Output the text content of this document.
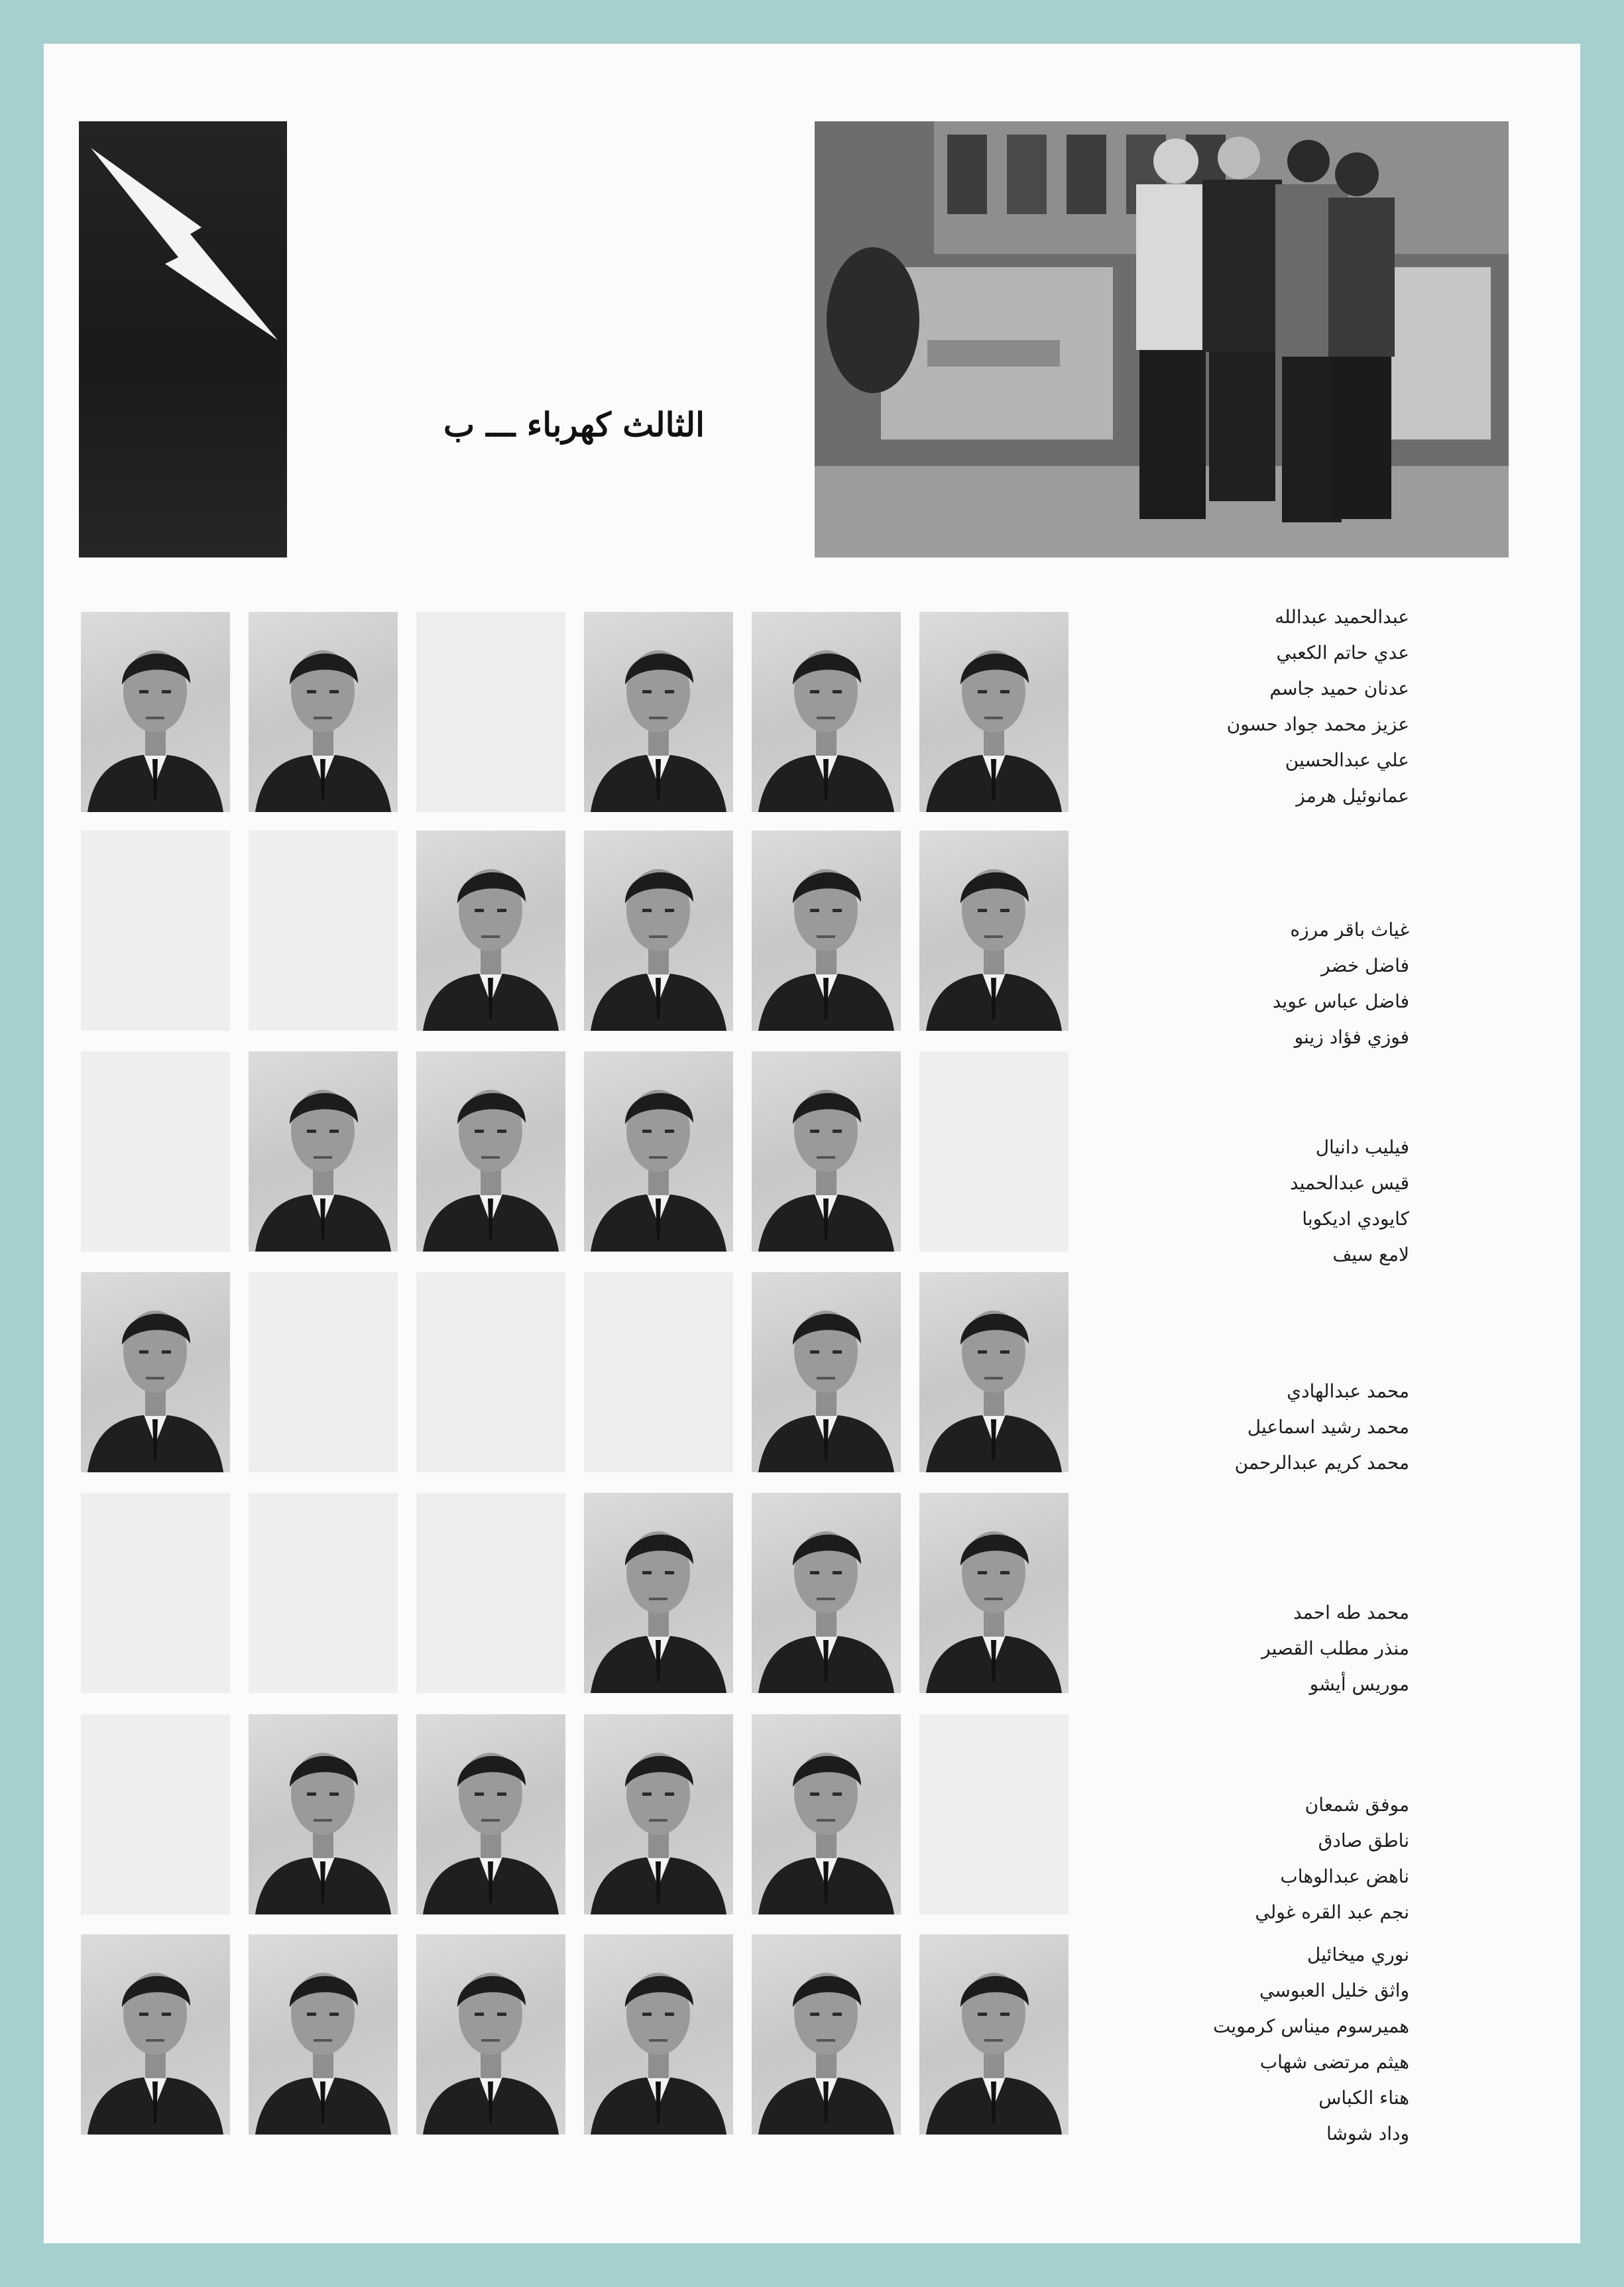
الثالث كهرباء ـــ ب
عبدالحميد عبدالله
عدي حاتم الكعبي
عدنان حميد جاسم
عزيز محمد جواد حسون
علي عبدالحسين
عمانوئيل هرمز
غياث باقر مرزه
فاضل خضر
فاضل عباس عويد
فوزي فؤاد زينو
فيليب دانيال
قيس عبدالحميد
كايودي اديكوبا
لامع سيف
محمد عبدالهادي
محمد رشيد اسماعيل
محمد كريم عبدالرحمن
محمد طه احمد
منذر مطلب القصير
موريس أيشو
موفق شمعان
ناطق صادق
ناهض عبدالوهاب
نجم عبد القره غولي
نوري ميخائيل
واثق خليل العبوسي
هميرسوم ميناس كرمويت
هيثم مرتضى شهاب
هناء الكباس
وداد شوشا
